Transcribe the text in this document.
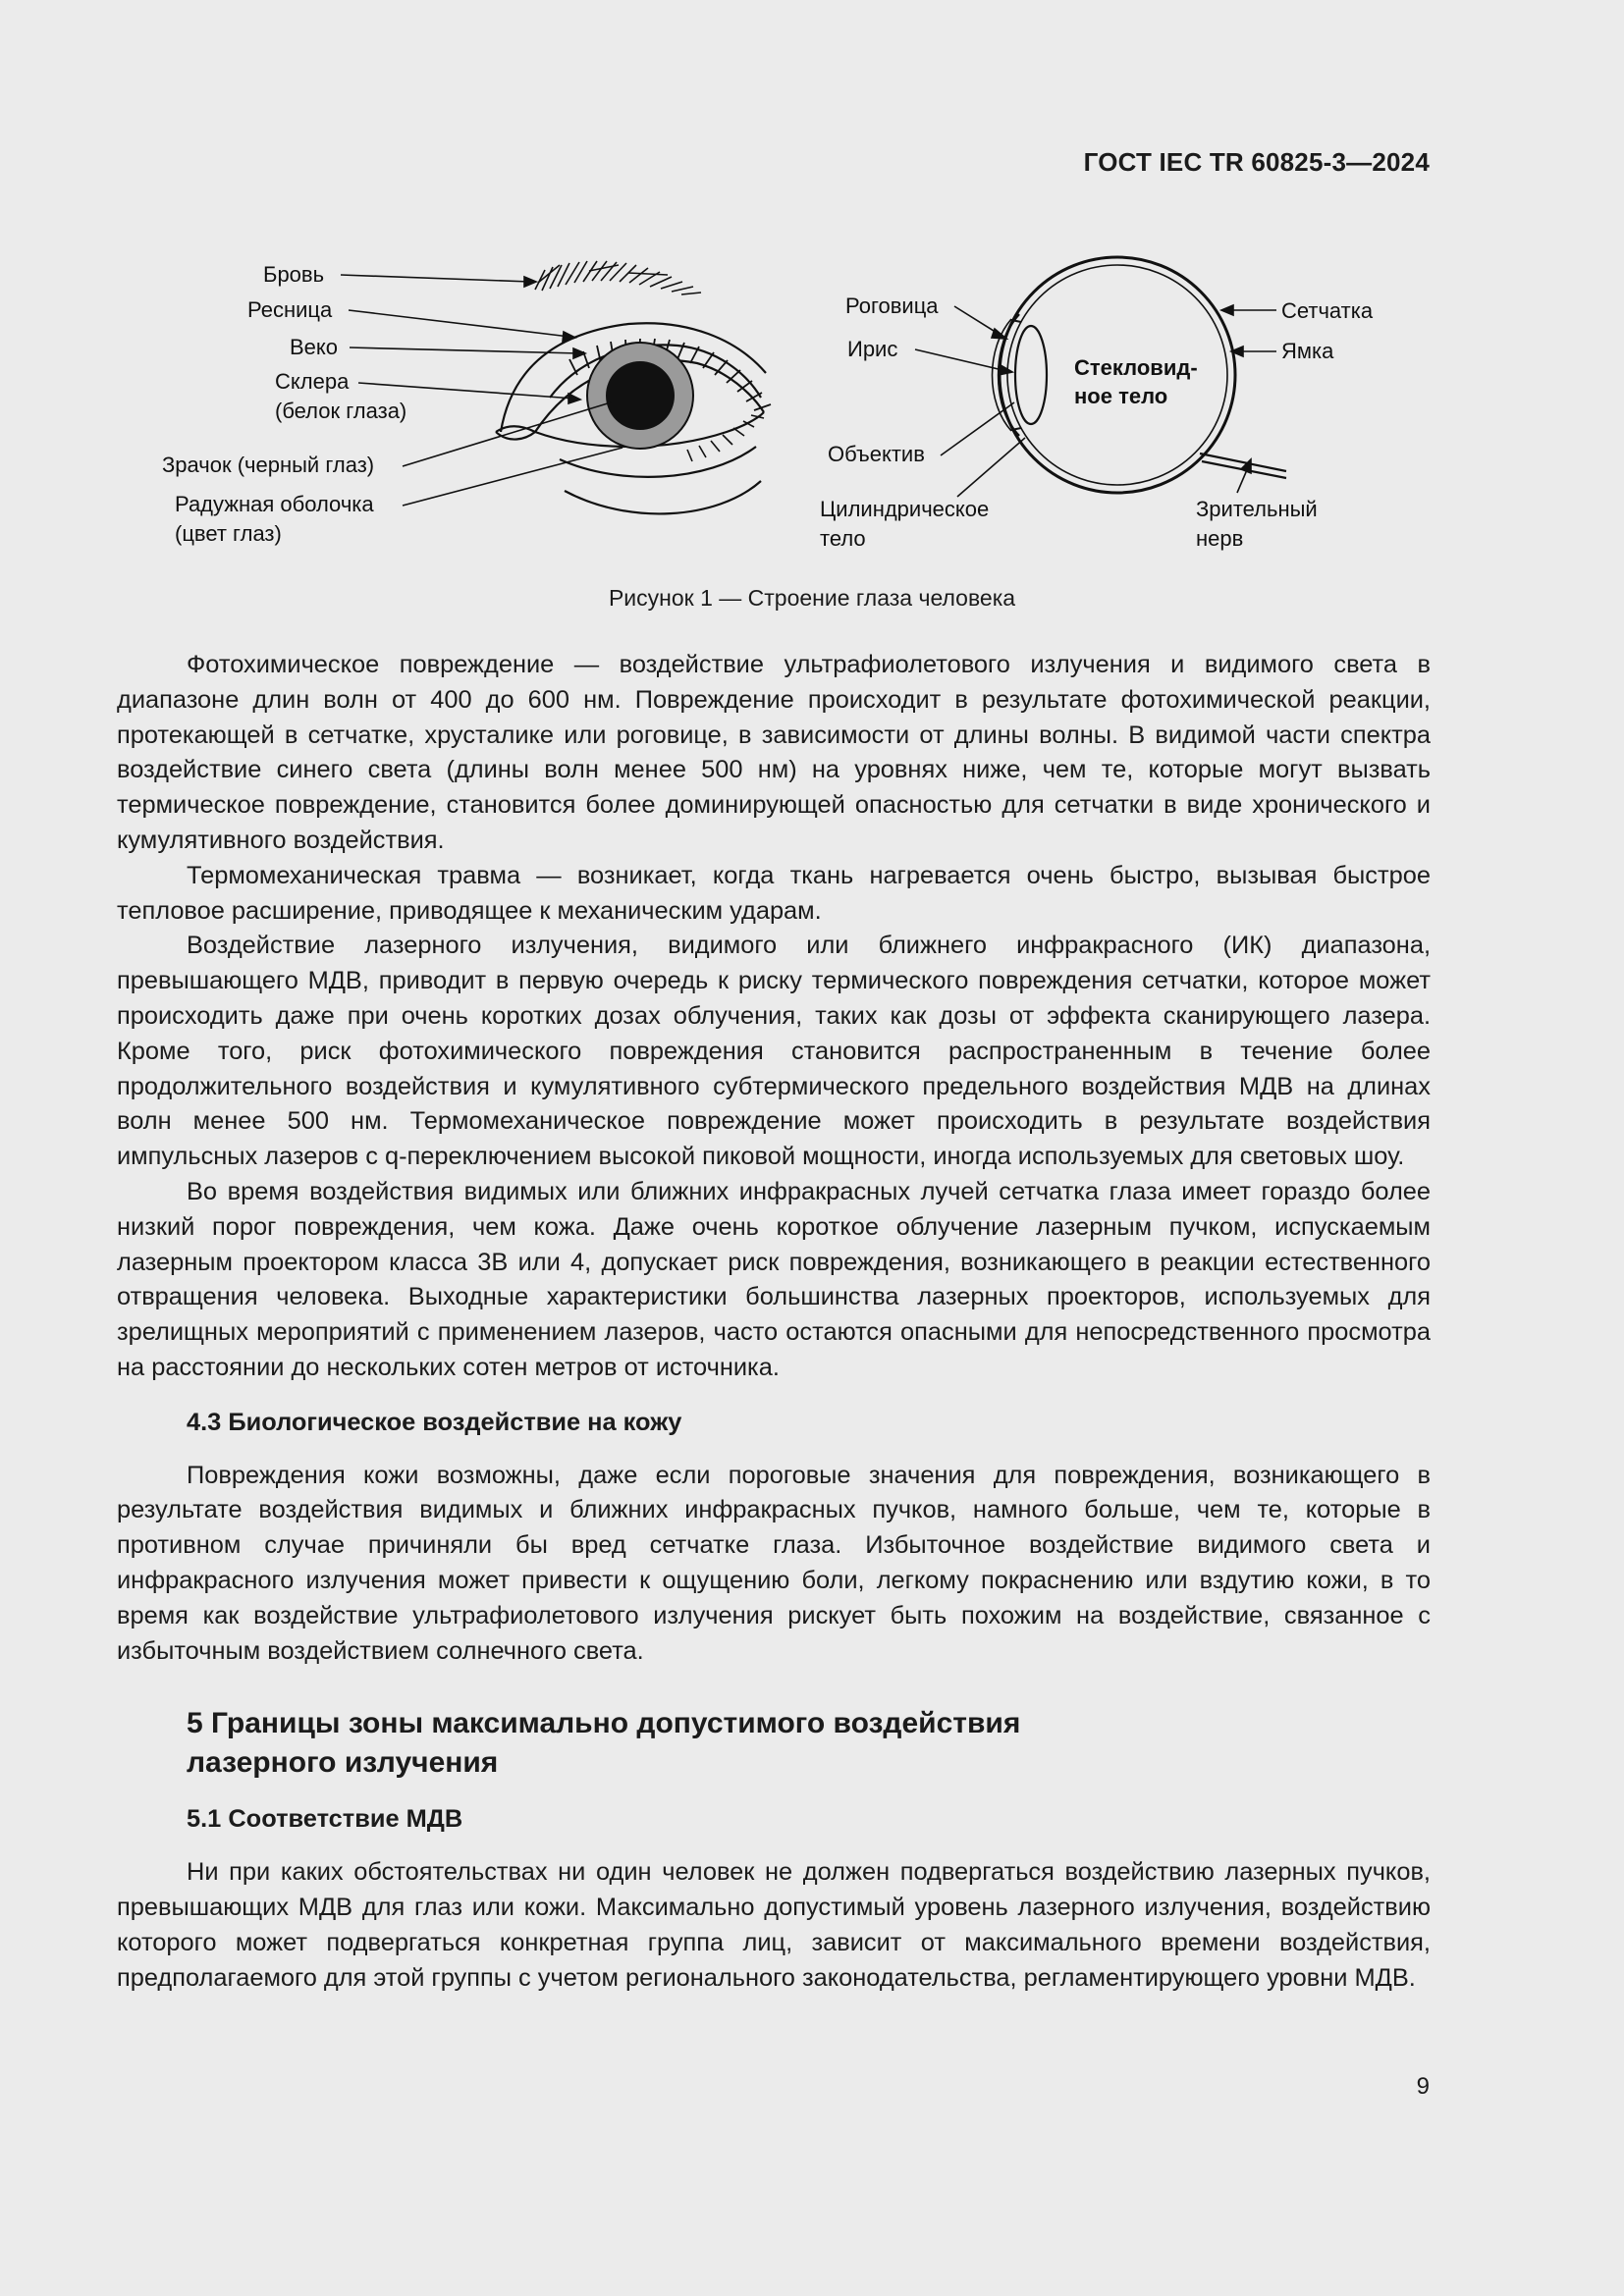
ГОСТ IEC TR 60825-3—2024
Бровь
Ресница
Веко
Склера
(белок глаза)
Зрачок (черный глаз)
Радужная оболочка
(цвет глаз)
Роговица
Ирис
Стекловид-
ное тело
Объектив
Цилиндрическое
тело
Сетчатка
Ямка
Зрительный
нерв
Рисунок 1 — Строение глаза человека

Фотохимическое повреждение — воздействие ультрафиолетового излучения и видимого света в диапазоне длин волн от 400 до 600 нм. Повреждение происходит в результате фотохимической реакции, протекающей в сетчатке, хрусталике или роговице, в зависимости от длины волны. В видимой части спектра воздействие синего света (длины волн менее 500 нм) на уровнях ниже, чем те, которые могут вызвать термическое повреждение, становится более доминирующей опасностью для сетчатки в виде хронического и кумулятивного воздействия.

Термомеханическая травма — возникает, когда ткань нагревается очень быстро, вызывая быстрое тепловое расширение, приводящее к механическим ударам.

Воздействие лазерного излучения, видимого или ближнего инфракрасного (ИК) диапазона, превышающего МДВ, приводит в первую очередь к риску термического повреждения сетчатки, которое может происходить даже при очень коротких дозах облучения, таких как дозы от эффекта сканирующего лазера. Кроме того, риск фотохимического повреждения становится распространенным в течение более продолжительного воздействия и кумулятивного субтермического предельного воздействия МДВ на длинах волн менее 500 нм. Термомеханическое повреждение может происходить в результате воздействия импульсных лазеров с q-переключением высокой пиковой мощности, иногда используемых для световых шоу.

Во время воздействия видимых или ближних инфракрасных лучей сетчатка глаза имеет гораздо более низкий порог повреждения, чем кожа. Даже очень короткое облучение лазерным пучком, испускаемым лазерным проектором класса 3В или 4, допускает риск повреждения, возникающего в реакции естественного отвращения человека. Выходные характеристики большинства лазерных проекторов, используемых для зрелищных мероприятий с применением лазеров, часто остаются опасными для непосредственного просмотра на расстоянии до нескольких сотен метров от источника.

4.3 Биологическое воздействие на кожу

Повреждения кожи возможны, даже если пороговые значения для повреждения, возникающего в результате воздействия видимых и ближних инфракрасных пучков, намного больше, чем те, которые в противном случае причиняли бы вред сетчатке глаза. Избыточное воздействие видимого света и инфракрасного излучения может привести к ощущению боли, легкому покраснению или вздутию кожи, в то время как воздействие ультрафиолетового излучения рискует быть похожим на воздействие, связанное с избыточным воздействием солнечного света.

5 Границы зоны максимально допустимого воздействия лазерного излучения
5.1 Соответствие МДВ

Ни при каких обстоятельствах ни один человек не должен подвергаться воздействию лазерных пучков, превышающих МДВ для глаз или кожи. Максимально допустимый уровень лазерного излучения, воздействию которого может подвергаться конкретная группа лиц, зависит от максимального времени воздействия, предполагаемого для этой группы с учетом регионального законодательства, регламентирующего уровни МДВ.

9
